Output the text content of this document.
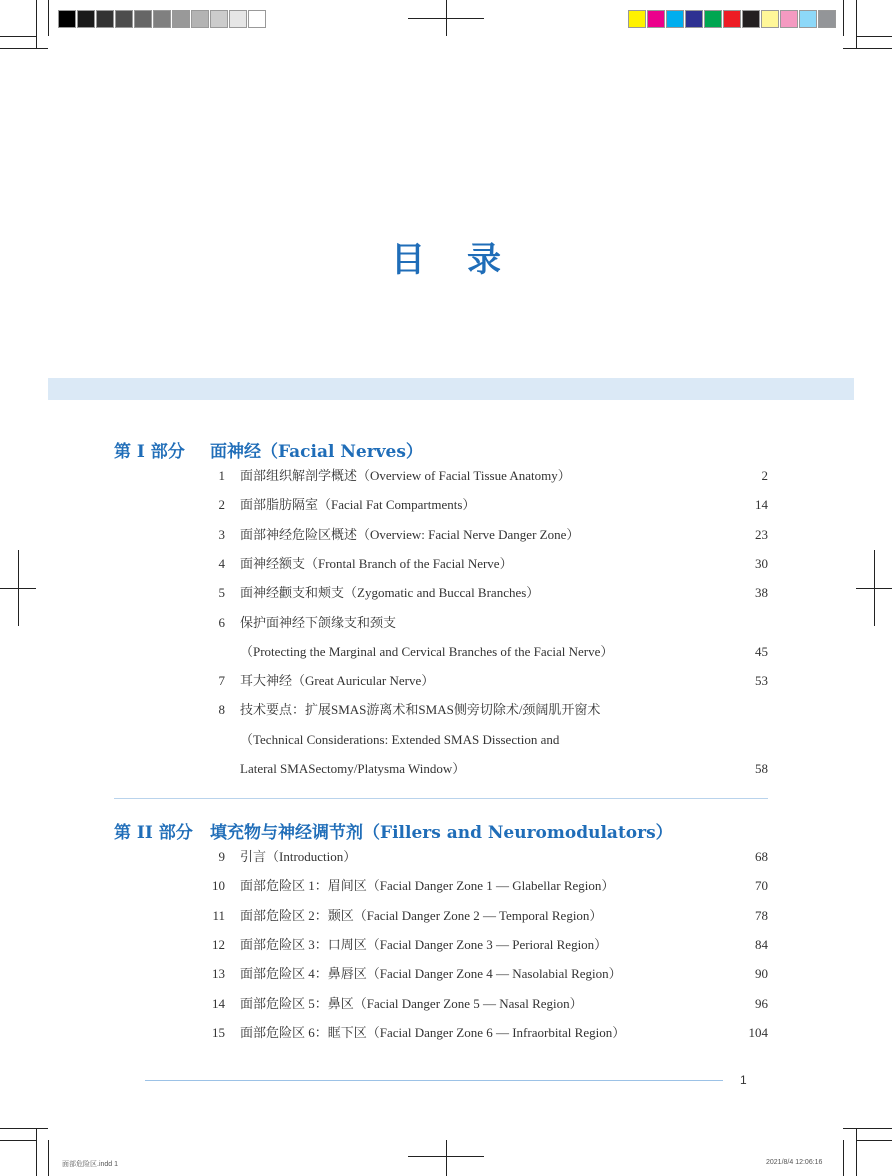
目录
第 I 部分 面神经（Facial Nerves）
1 面部组织解剖学概述（Overview of Facial Tissue Anatomy）	2
2 面部脂肪隔室（Facial Fat Compartments）	14
3 面部神经危险区概述（Overview: Facial Nerve Danger Zone）	23
4 面神经额支（Frontal Branch of the Facial Nerve）	30
5 面神经颧支和颊支（Zygomatic and Buccal Branches）	38
6 保护面神经下颌缘支和颈支
（Protecting the Marginal and Cervical Branches of the Facial Nerve）	45
7 耳大神经（Great Auricular Nerve）	53
8 技术要点：扩展SMAS游离术和SMAS侧旁切除术/颈阔肌开窗术
（Technical Considerations: Extended SMAS Dissection and
Lateral SMASectomy/Platysma Window）	58
第 II 部分 填充物与神经调节剂（Fillers and Neuromodulators）
9 引言（Introduction）	68
10 面部危险区 1：眉间区（Facial Danger Zone 1 — Glabellar Region）	70
11 面部危险区 2：颞区（Facial Danger Zone 2 — Temporal Region）	78
12 面部危险区 3：口周区（Facial Danger Zone 3 — Perioral Region）	84
13 面部危险区 4：鼻唇区（Facial Danger Zone 4 — Nasolabial Region）	90
14 面部危险区 5：鼻区（Facial Danger Zone 5 — Nasal Region）	96
15 面部危险区 6：眶下区（Facial Danger Zone 6 — Infraorbital Region）	104
1
面部危险区.indd 1	2021/8/4 12:06:16
